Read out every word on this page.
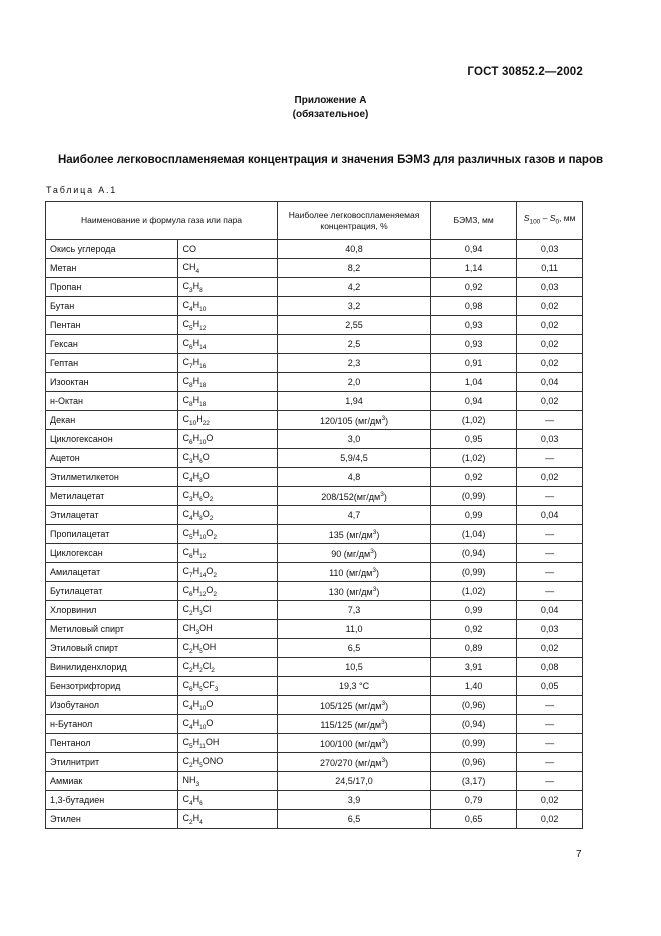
ГОСТ 30852.2—2002
Приложение А
(обязательное)
Наиболее легковоспламеняемая концентрация и значения БЭМЗ для различных газов и паров
Таблица А.1
Наименование и формула газа или пара		Наиболее легковоспламеняемая концентрация, %	БЭМЗ, мм	$S_{100} - S_0$, мм
Окись углерода	CO	40,8	0,94	0,03
Метан	$CH_4$	8,2	1,14	0,11
Пропан	$C_3H_8$	4,2	0,92	0,03
Бутан	$C_4H_{10}$	3,2	0,98	0,02
Пентан	$C_5H_{12}$	2,55	0,93	0,02
Гексан	$C_6H_{14}$	2,5	0,93	0,02
Гептан	$C_7H_{16}$	2,3	0,91	0,02
Изооктан	$C_8H_{18}$	2,0	1,04	0,04
н-Октан	$C_8H_{18}$	1,94	0,94	0,02
Декан	$C_{10}H_{22}$	120/105 $(мг/дм^3)$	(1,02)	—
Циклогексанон	$C_6H_{10}O$	3,0	0,95	0,03
Ацетон	$C_3H_6O$	5,9/4,5	(1,02)	—
Этилметилкетон	$C_4H_8O$	4,8	0,92	0,02
Метилацетат	$C_3H_6O_2$	$208/152(мг/дм^3)$	(0,99)	—
Этилацетат	$C_4H_8O_2$	4,7	0,99	0,04
Пропилацетат	$C_5H_{10}O_2$	135 $(мг/дм^3)$	(1,04)	—
Циклогексан	$C_6H_{12}$	90 $(мг/дм^3)$	(0,94)	—
Амилацетат	$C_7H_{14}O_2$	110 $(мг/дм^3)$	(0,99)	—
Бутилацетат	$C_6H_{12}O_2$	130 $(мг/дм^3)$	(1,02)	—
Хлорвинил	$C_2H_3Cl$	7,3	0,99	0,04
Метиловый спирт	$CH_3OH$	11,0	0,92	0,03
Этиловый спирт	$C_2H_5OH$	6,5	0,89	0,02
Винилиденхлорид	$C_2H_2Cl_2$	10,5	3,91	0,08
Бензотрифторид	$C_6H_5CF_3$	19,3 °С	1,40	0,05
Изобутанол	$C_4H_{10}O$	105/125 $(мг/дм^3)$	(0,96)	—
н-Бутанол	$C_4H_{10}O$	115/125 $(мг/дм^3)$	(0,94)	—
Пентанол	$C_5H_{11}OH$	100/100 $(мг/дм^3)$	(0,99)	—
Этилнитрит	$C_2H_5ONO$	270/270 $(мг/дм^3)$	(0,96)	—
Аммиак	$NH_3$	24,5/17,0	(3,17)	—
1,3-бутадиен	$C_4H_6$	3,9	0,79	0,02
Этилен	$C_2H_4$	6,5	0,65	0,02
7
